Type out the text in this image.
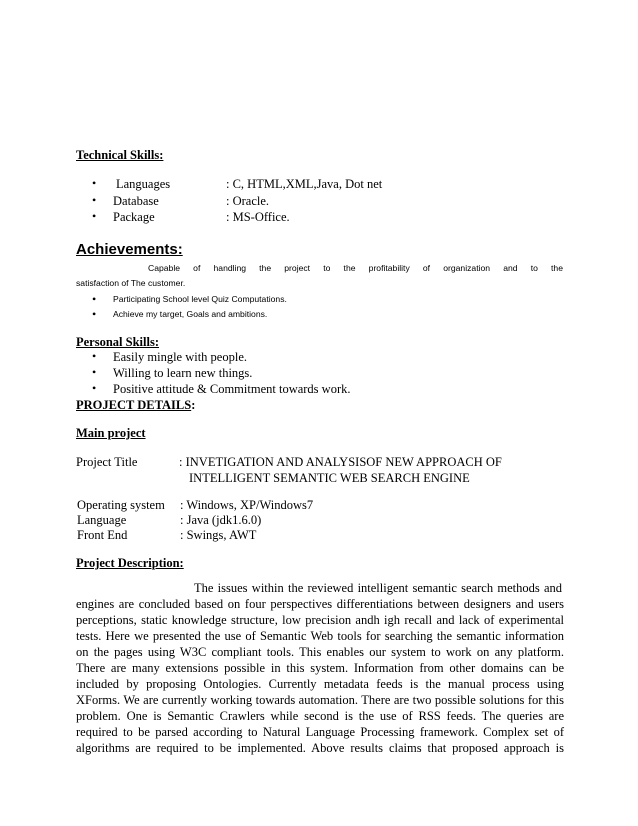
Technical Skills:
• Languages	: C, HTML,XML,Java, Dot net
• Database	: Oracle.
• Package	: MS-Office.
Achievements:
Capable of handling the project to the profitability of organization and to the
satisfaction of The customer.
• Participating School level Quiz Computations.
• Achieve my target, Goals and ambitions.
Personal Skills:
• Easily mingle with people.
• Willing to learn new things.
• Positive attitude & Commitment towards work.
PROJECT DETAILS:
Main project
Project Title	: INVETIGATION AND ANALYSISOF NEW APPROACH OF
INTELLIGENT SEMANTIC WEB SEARCH ENGINE
Operating system : Windows, XP/Windows7
Language	: Java (jdk1.6.0)
Front End	: Swings, AWT
Project Description:
The issues within the reviewed intelligent semantic search methods and
engines are concluded based on four perspectives differentiations between designers and users
perceptions, static knowledge structure, low precision andh igh recall and lack of experimental
tests. Here we presented the use of Semantic Web tools for searching the semantic information
on the pages using W3C compliant tools. This enables our system to work on any platform.
There are many extensions possible in this system. Information from other domains can be
included by proposing Ontologies. Currently metadata feeds is the manual process using
XForms. We are currently working towards automation. There are two possible solutions for this
problem. One is Semantic Crawlers while second is the use of RSS feeds. The queries are
required to be parsed according to Natural Language Processing framework. Complex set of
algorithms are required to be implemented. Above results claims that proposed approach is
